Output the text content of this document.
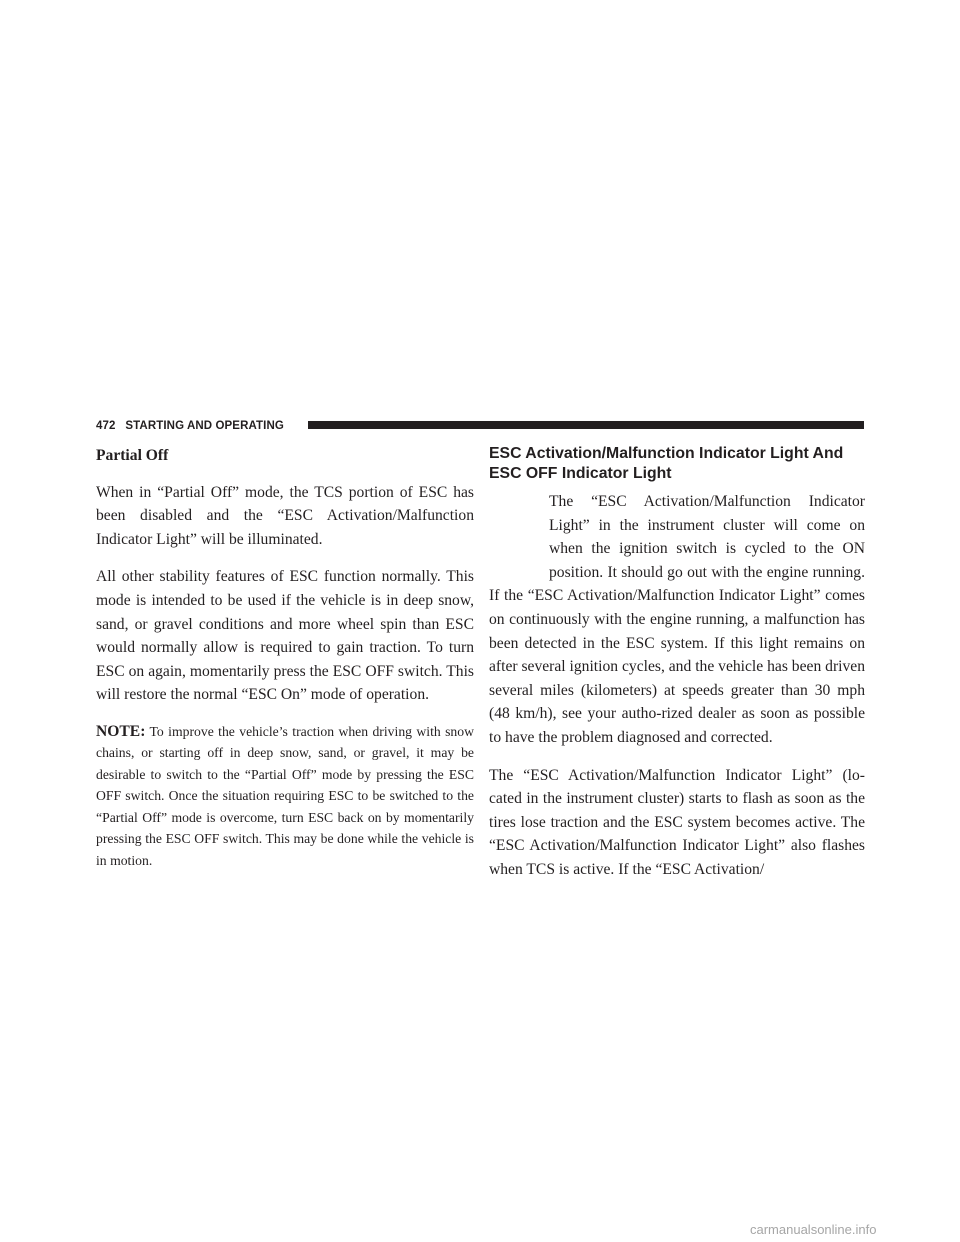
472 STARTING AND OPERATING
Partial Off

When in “Partial Off” mode, the TCS portion of ESC has been disabled and the “ESC Activation/Malfunction Indicator Light” will be illuminated.

All other stability features of ESC function normally. This mode is intended to be used if the vehicle is in deep snow, sand, or gravel conditions and more wheel spin than ESC would normally allow is required to gain traction. To turn ESC on again, momentarily press the ESC OFF switch. This will restore the normal “ESC On” mode of operation.

NOTE: To improve the vehicle’s traction when driving with snow chains, or starting off in deep snow, sand, or gravel, it may be desirable to switch to the “Partial Off” mode by pressing the ESC OFF switch. Once the situation requiring ESC to be switched to the “Partial Off” mode is overcome, turn ESC back on by momentarily pressing the ESC OFF switch. This may be done while the vehicle is in motion.

ESC Activation/Malfunction Indicator Light And ESC OFF Indicator Light

The “ESC Activation/Malfunction Indicator Light” in the instrument cluster will come on when the ignition switch is cycled to the ON position. It should go out with the engine running. If the “ESC Activation/Malfunction Indicator Light” comes on continuously with the engine running, a malfunction has been detected in the ESC system. If this light remains on after several ignition cycles, and the vehicle has been driven several miles (kilometers) at speeds greater than 30 mph (48 km/h), see your autho-rized dealer as soon as possible to have the problem diagnosed and corrected.

The “ESC Activation/Malfunction Indicator Light” (lo-cated in the instrument cluster) starts to flash as soon as the tires lose traction and the ESC system becomes active. The “ESC Activation/Malfunction Indicator Light” also flashes when TCS is active. If the “ESC Activation/

carmanualsonline.info
